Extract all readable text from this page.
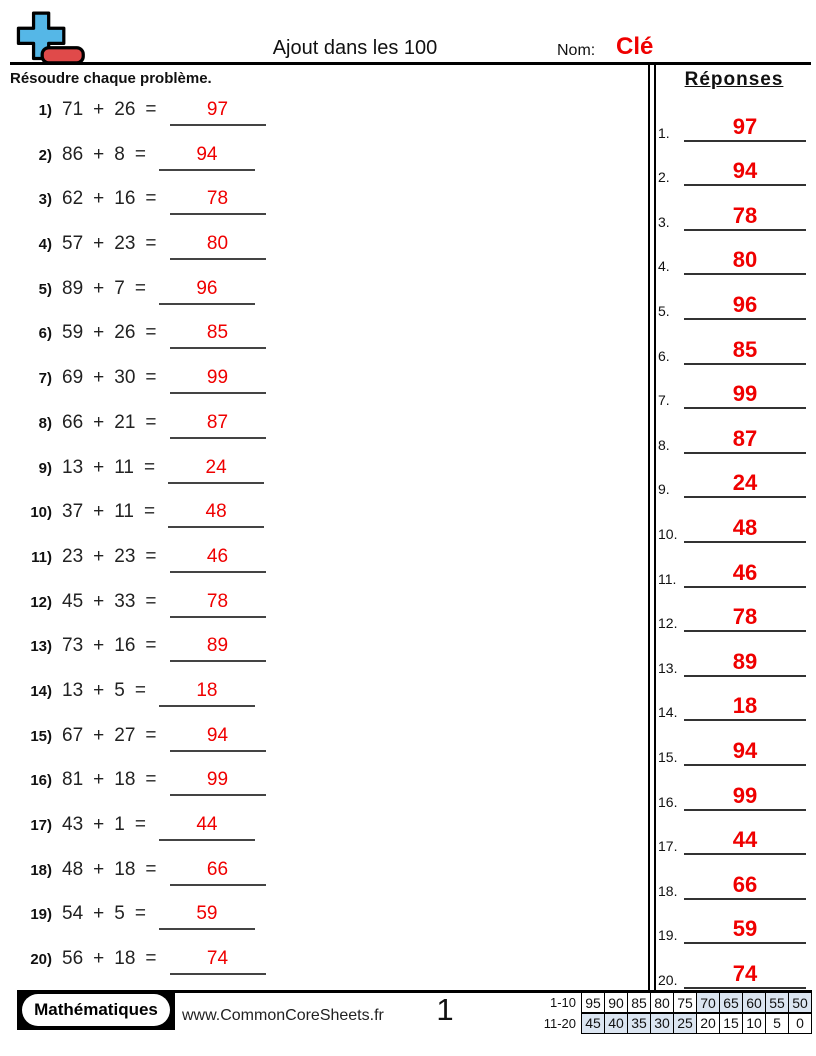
Ajout dans les 100	Nom: Clé
Résoudre chaque problème.	Réponses
1) 71 + 26 =	97
2) 86 + 8 =	94
3) 62 + 16 =	78
4) 57 + 23 =	80
5) 89 + 7 =	96
6) 59 + 26 =	85
7) 69 + 30 =	99
8) 66 + 21 =	87
9) 13 + 11 =	24
10) 37 + 11 =	48
11) 23 + 23 =	46
12) 45 + 33 =	78
13) 73 + 16 =	89
14) 13 + 5 =	18
15) 67 + 27 =	94
16) 81 + 18 =	99
17) 43 + 1 =	44
18) 48 + 18 =	66
19) 54 + 5 =	59
20) 56 + 18 =	74
1.	97
2.	94
3.	78
4.	80
5.	96
6.	85
7.	99
8.	87
9.	24
10.	48
11.	46
12.	78
13.	89
14.	18
15.	94
16.	99
17.	44
18.	66
19.	59
20.	74
Mathématiques	www.CommonCoreSheets.fr	1	1-10 95 90 85 80 75 70 65 60 55 50
11-20 45 40 35 30 25 20 15 10 5	0
